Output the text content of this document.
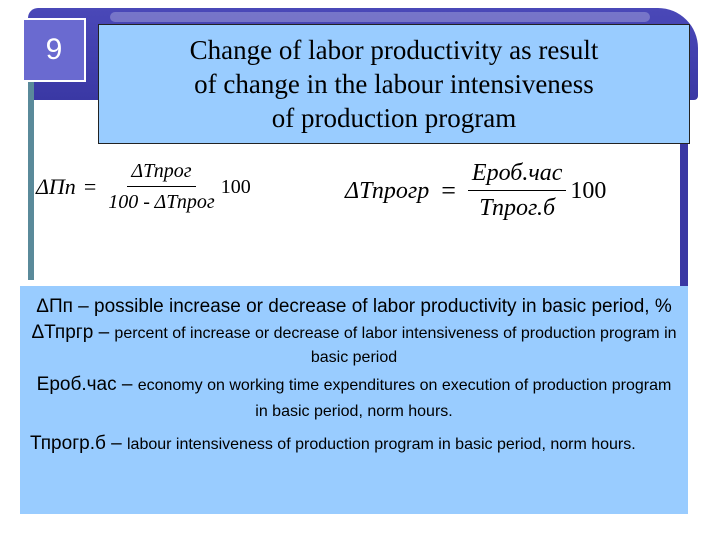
9	Change of labor productivity as result
of change in the labour intensiveness
of production program
$\Delta Пп = \frac{\text{ΔТпрог}}{\text{100 - ΔТпрог}} 100$	ΔТпрогр = $\frac{\text{Ероб.час}}{\text{Тпрог.б}} 100$

ΔПп – possible increase or decrease of labor productivity in basic period, %

ΔТпргр – percent of increase or decrease of labor intensiveness of production program in basic period

Ероб.час – economy on working time expenditures on execution of production program in basic period, norm hours.

Тпрогр.б – labour intensiveness of production program in basic period, norm hours.
